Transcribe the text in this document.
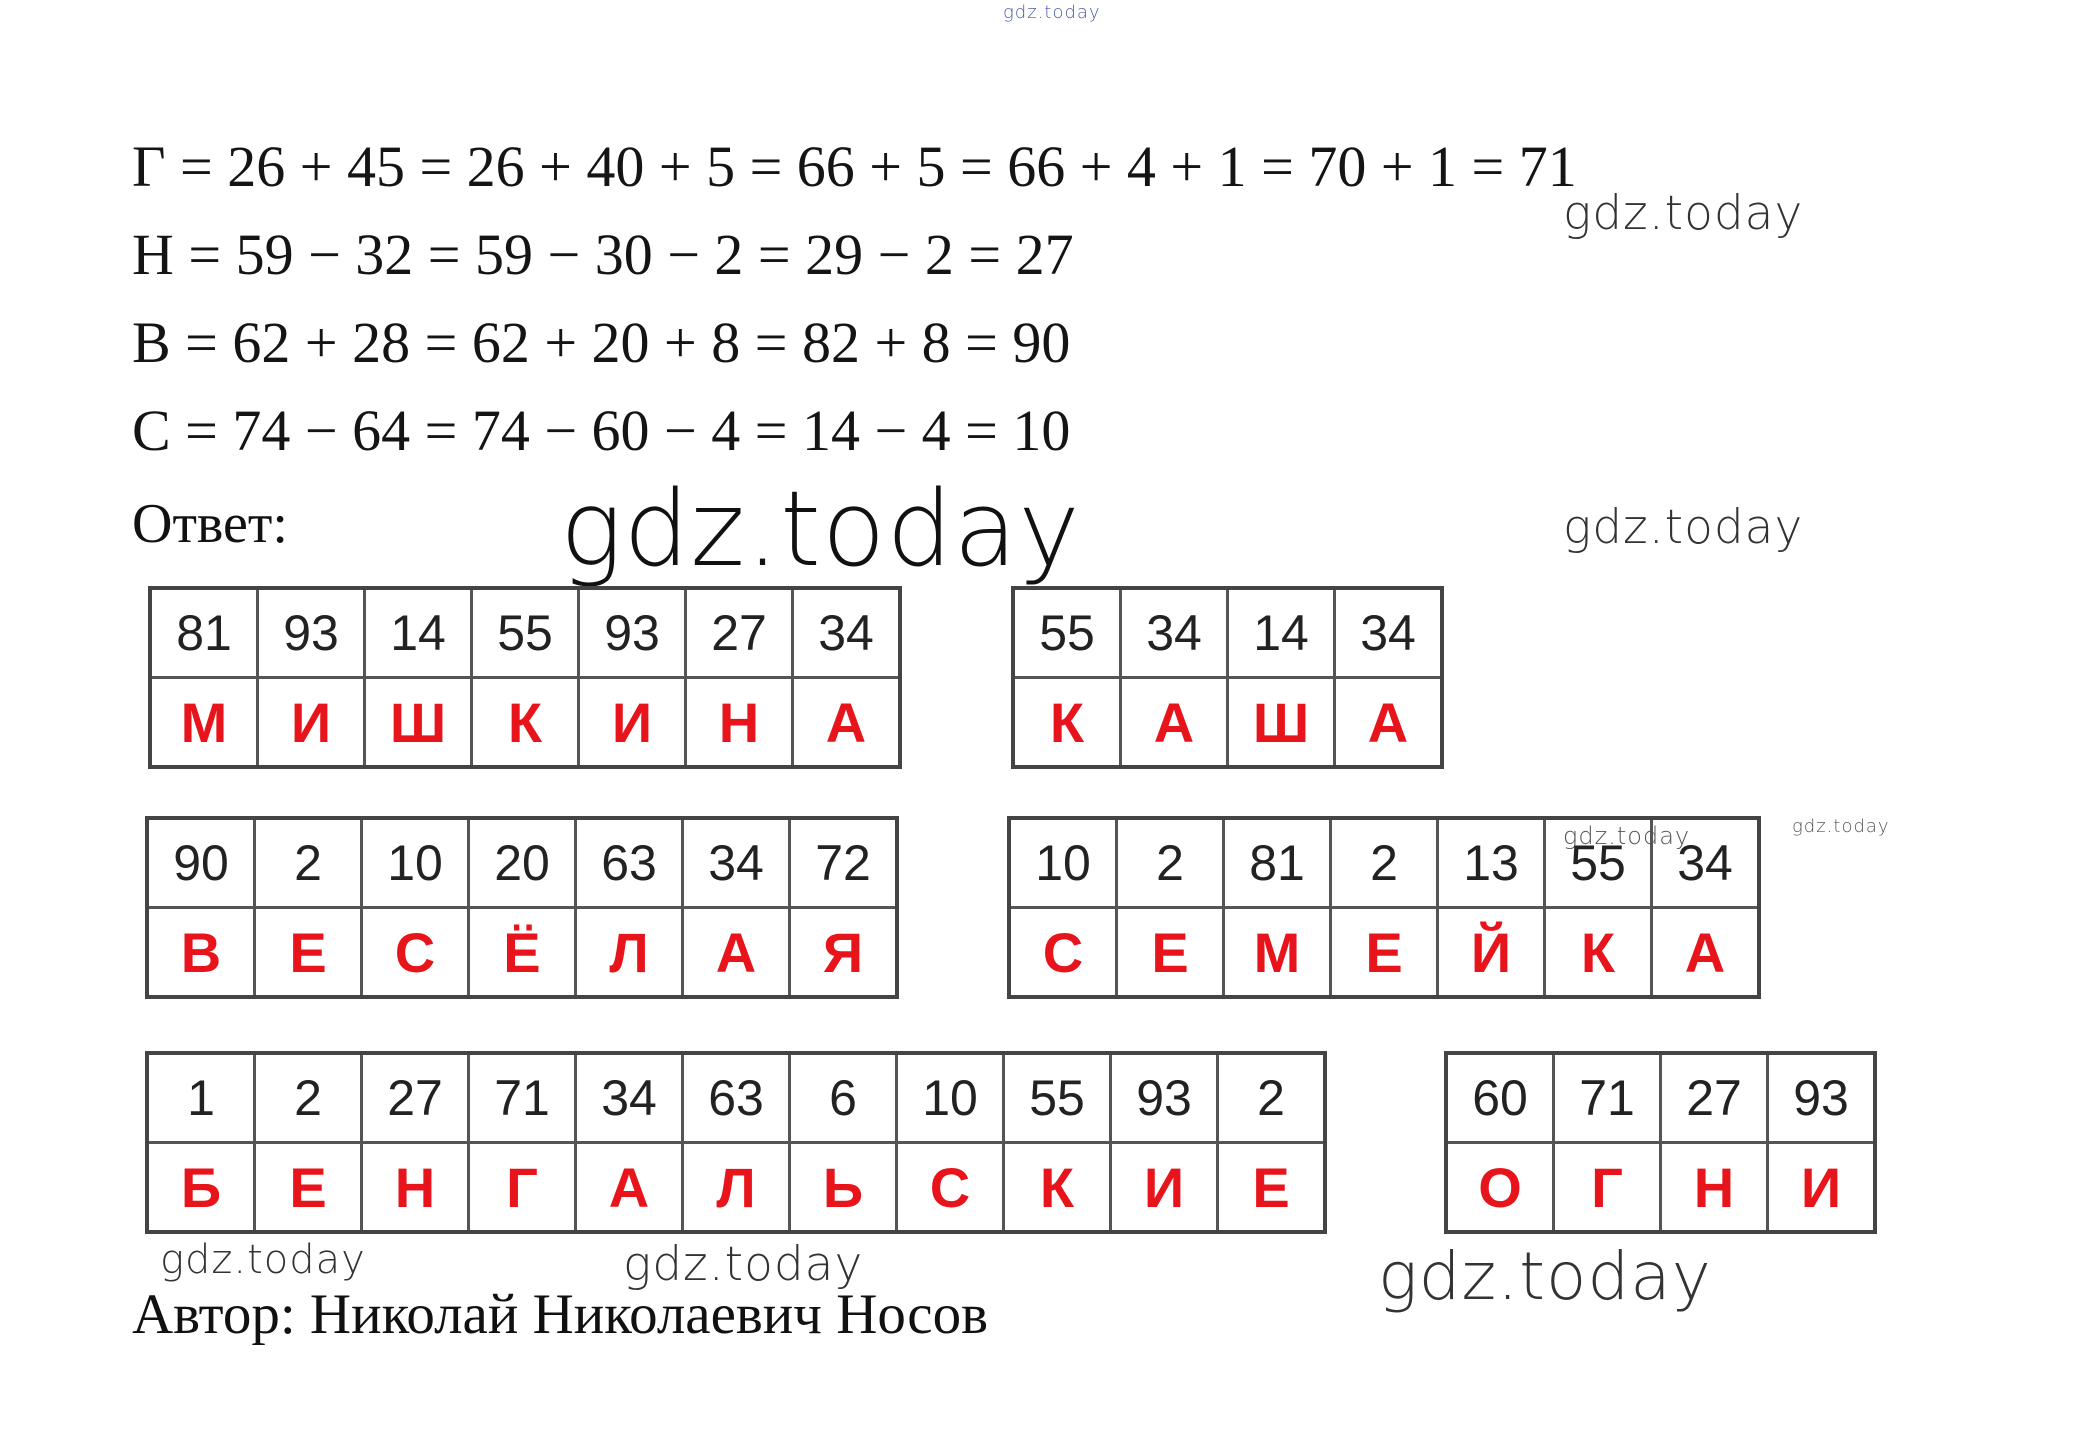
gdz.today
gdz.today
gdz.today	gdz.today
gdz.today	gdz.today
gdz.today	gdz.today	gdz.today
Г = 26 + 45 = 26 + 40 + 5 = 66 + 5 = 66 + 4 + 1 = 70 + 1 = 71
Н = 59 − 32 = 59 − 30 − 2 = 29 − 2 = 27
В = 62 + 28 = 62 + 20 + 8 = 82 + 8 = 90
С = 74 − 64 = 74 − 60 − 4 = 14 − 4 = 10
Ответ:
81	93	14	55	93	27	34
М	И	Ш	К	И	Н	А
55	34	14	34
К	А	Ш	А
90	2	10	20	63	34	72
В	Е	С	Ё	Л	А	Я
10	2	81	2	13	55	34
С	Е	М	Е	Й	К	А
1	2	27	71	34	63	6	10	55	93	2
Б	Е	Н	Г	А	Л	Ь	С	К	И	Е
60	71	27	93
О	Г	Н	И
Автор: Николай Николаевич Носов
